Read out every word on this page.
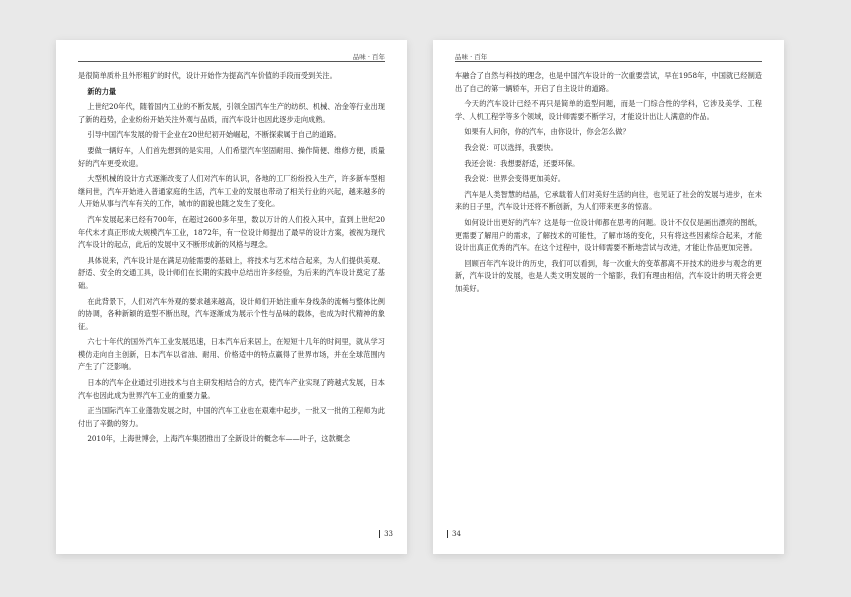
品味 · 百年

是很简单质朴且外形粗犷的时代，设计开始作为提高汽车价值的手段而受到关注。

新的力量

上世纪20年代，随着国内工业的不断发展，引领全国汽车生产的纺织、机械、冶金等行业出现了新的趋势，企业纷纷开始关注外观与品质，而汽车设计也因此逐步走向成熟。

引导中国汽车发展的骨干企业在20世纪初开始崛起，不断探索属于自己的道路。

要做一辆好车，人们首先想到的是实用，人们希望汽车坚固耐用、操作简便、维修方便，质量好的汽车更受欢迎。

大型机械的设计方式逐渐改变了人们对汽车的认识，各地的工厂纷纷投入生产，许多新车型相继问世，汽车开始进入普通家庭的生活，汽车工业的发展也带动了相关行业的兴起，越来越多的人开始从事与汽车有关的工作，城市的面貌也随之发生了变化。

汽车发展起来已经有700年，在超过2600多年里，数以万计的人们投入其中，直到上世纪20年代末才真正形成大规模汽车工业，1872年，有一位设计师提出了最早的设计方案，被视为现代汽车设计的起点，此后的发展中又不断形成新的风格与理念。

具体说来，汽车设计是在满足功能需要的基础上，将技术与艺术结合起来，为人们提供美观、舒适、安全的交通工具，设计师们在长期的实践中总结出许多经验，为后来的汽车设计奠定了基础。

在此背景下，人们对汽车外观的要求越来越高，设计师们开始注重车身线条的流畅与整体比例的协调，各种新颖的造型不断出现，汽车逐渐成为展示个性与品味的载体，也成为时代精神的象征。

六七十年代的国外汽车工业发展迅速，日本汽车后来居上，在短短十几年的时间里，就从学习模仿走向自主创新，日本汽车以省油、耐用、价格适中的特点赢得了世界市场，并在全球范围内产生了广泛影响。

日本的汽车企业通过引进技术与自主研发相结合的方式，使汽车产业实现了跨越式发展，日本汽车也因此成为世界汽车工业的重要力量。

正当国际汽车工业蓬勃发展之时，中国的汽车工业也在艰难中起步，一批又一批的工程师为此付出了辛勤的努力。

2010年，上海世博会，上海汽车集团推出了全新设计的概念车——叶子，这款概念

33
品味 · 百年

车融合了自然与科技的理念，也是中国汽车设计的一次重要尝试，早在1958年，中国就已经制造出了自己的第一辆轿车，开启了自主设计的道路。

今天的汽车设计已经不再只是简单的造型问题，而是一门综合性的学科，它涉及美学、工程学、人机工程学等多个领域，设计师需要不断学习，才能设计出让人满意的作品。

如果有人问你，你的汽车，由你设计，你会怎么做？

我会说：可以选择，我要快。

我还会说：我想要舒适，还要环保。

我会说：世界会变得更加美好。

汽车是人类智慧的结晶，它承载着人们对美好生活的向往，也见证了社会的发展与进步，在未来的日子里，汽车设计还将不断创新，为人们带来更多的惊喜。

如何设计出更好的汽车？这是每一位设计师都在思考的问题。设计不仅仅是画出漂亮的图纸，更需要了解用户的需求，了解技术的可能性，了解市场的变化，只有将这些因素综合起来，才能设计出真正优秀的汽车。在这个过程中，设计师需要不断地尝试与改进，才能让作品更加完善。

回顾百年汽车设计的历史，我们可以看到，每一次重大的变革都离不开技术的进步与观念的更新，汽车设计的发展，也是人类文明发展的一个缩影，我们有理由相信，汽车设计的明天将会更加美好。

34
